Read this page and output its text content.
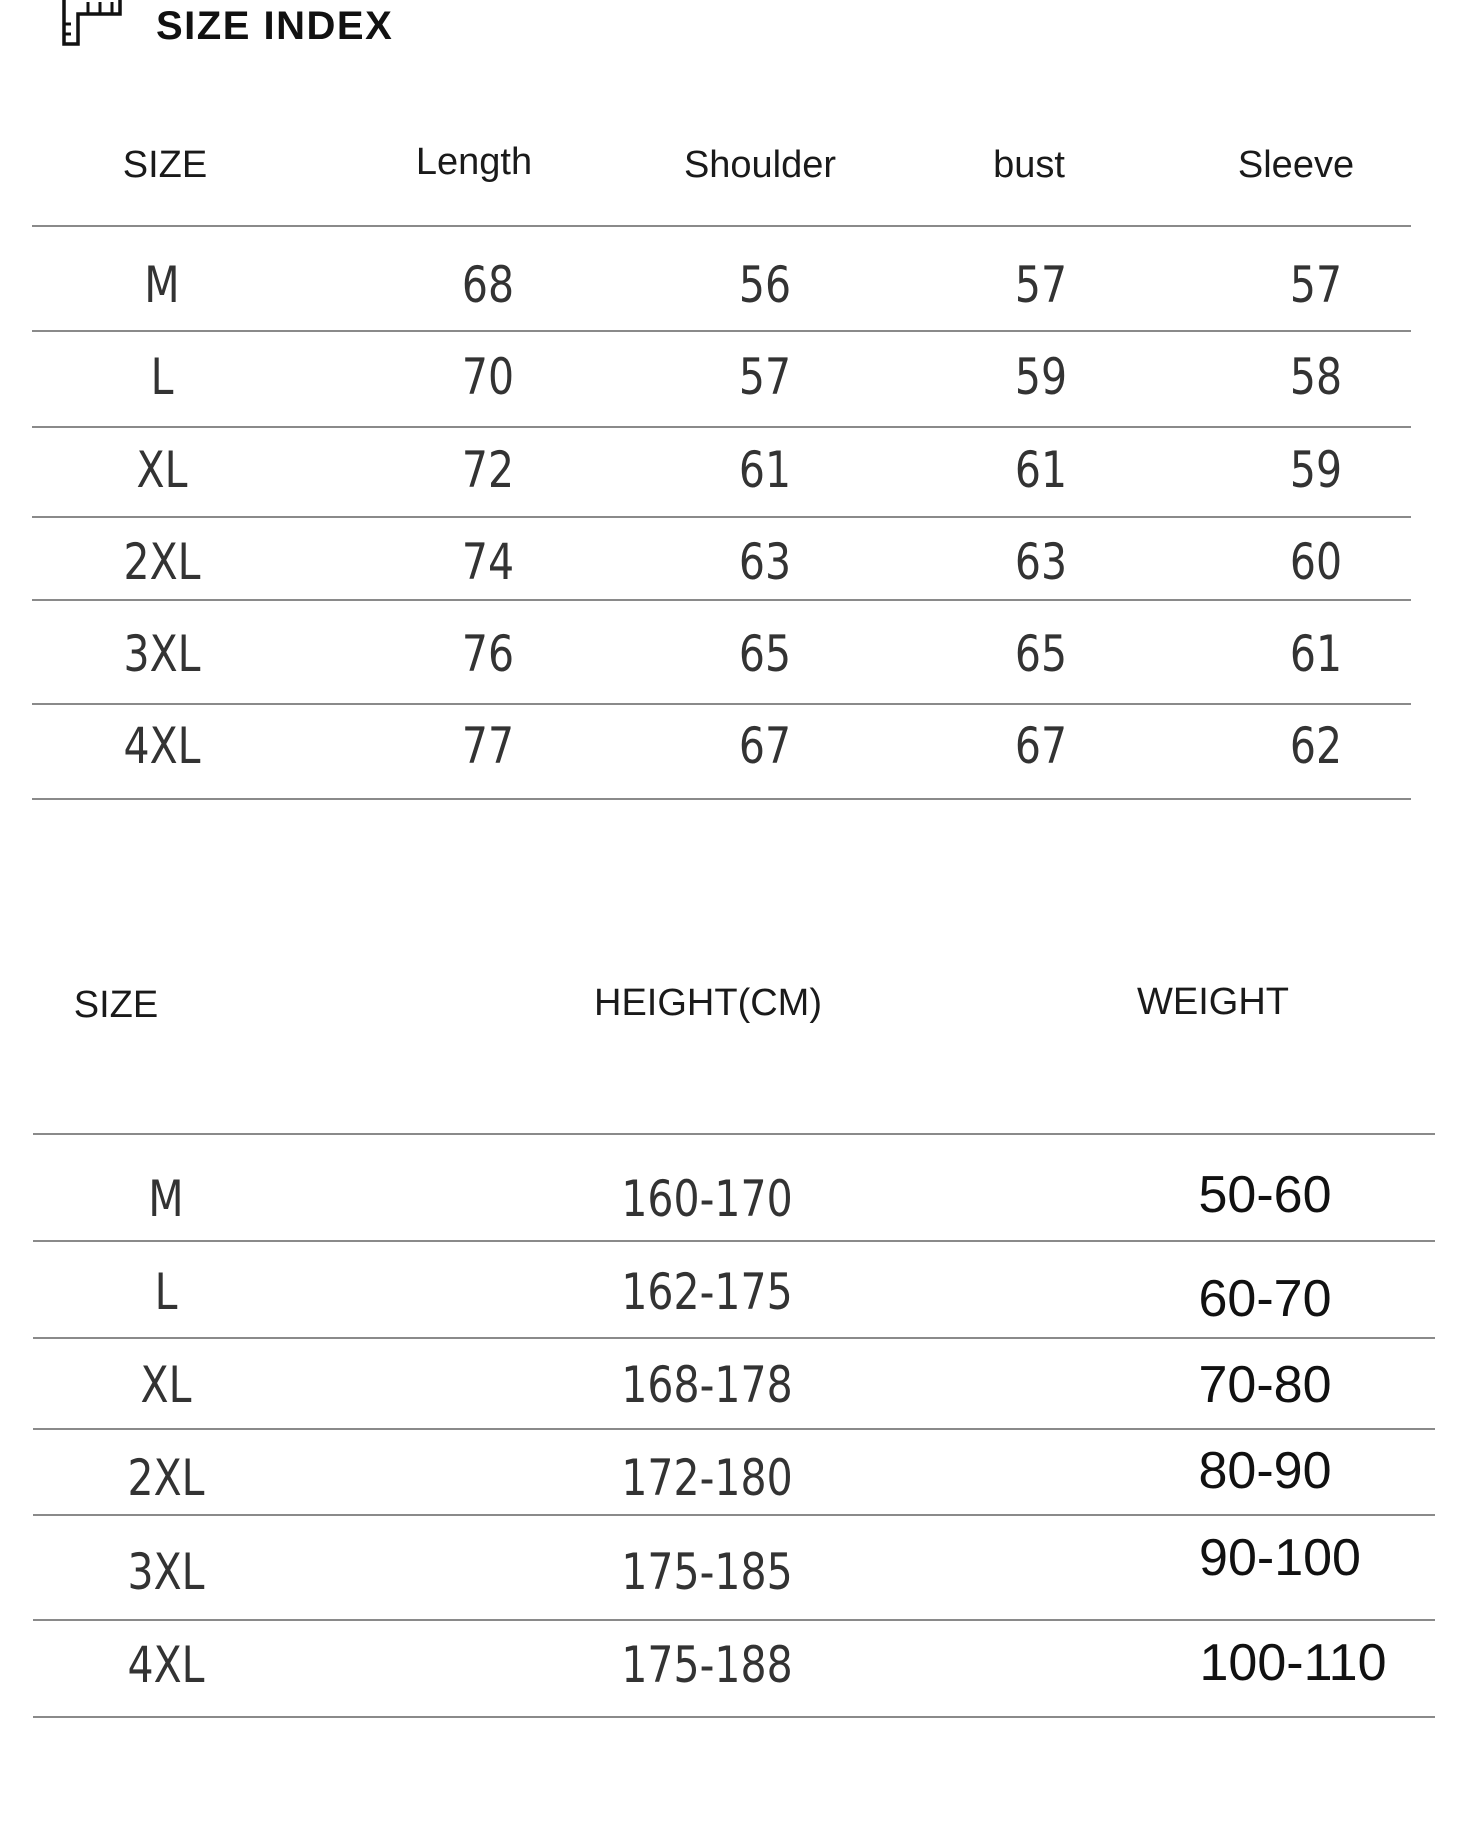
SIZE INDEX
SIZE	Length	Shoulder	bust	Sleeve
M	68	56	57	57
L	70	57	59	58
XL	72	61	61	59
2XL	74	63	63	60
3XL	76	65	65	61
4XL	77	67	67	62
SIZE	HEIGHT(CM)	WEIGHT
M	160-170	50-60
L	162-175	60-70
XL	168-178	70-80
2XL	172-180	80-90
3XL	175-185	90-100
4XL	175-188	100-110
